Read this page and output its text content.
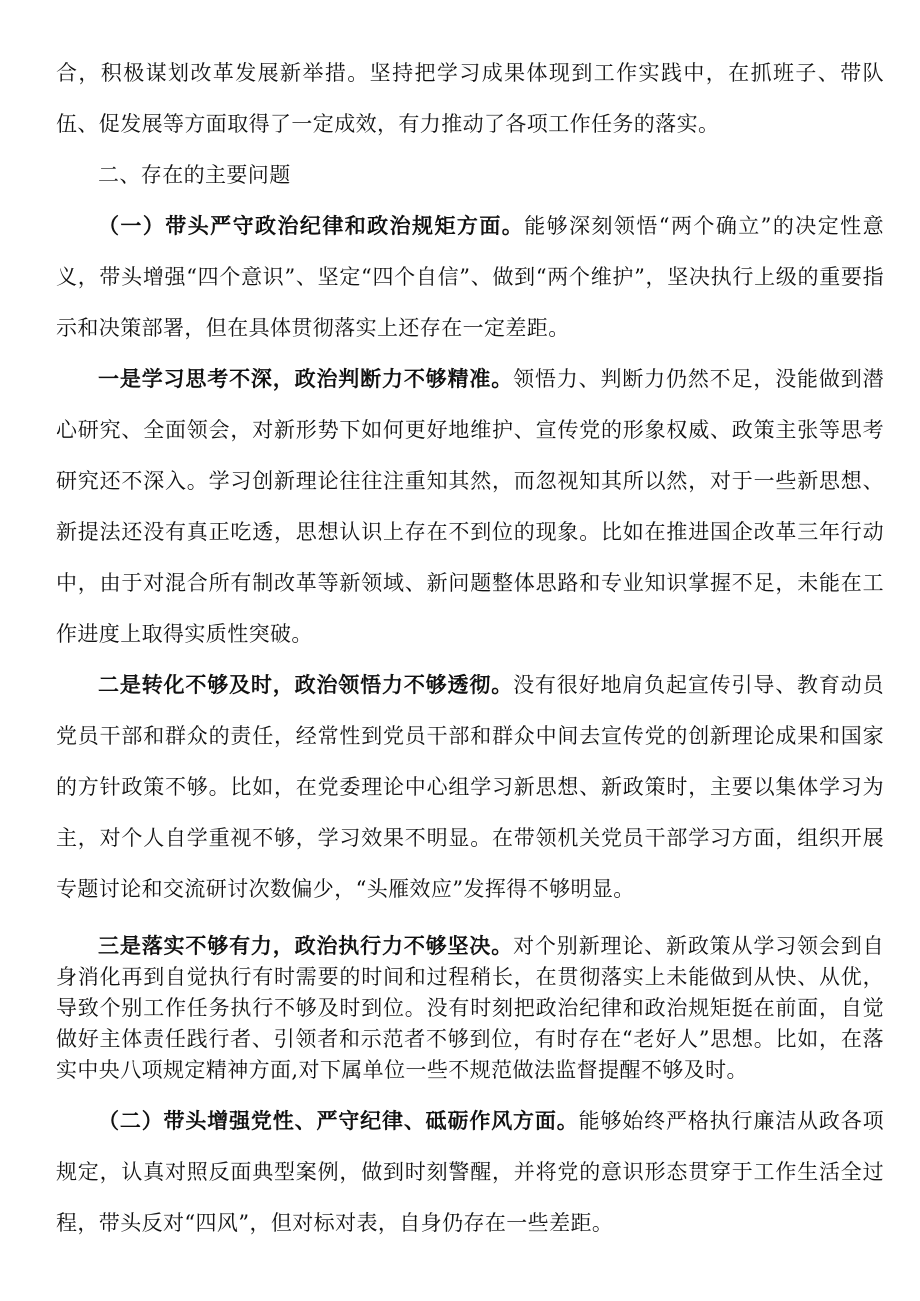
合，积极谋划改革发展新举措。坚持把学习成果体现到工作实践中，在抓班子、带队伍、促发展等方面取得了一定成效，有力推动了各项工作任务的落实。

二、存在的主要问题

（一）带头严守政治纪律和政治规矩方面。能够深刻领悟“两个确立”的决定性意义，带头增强“四个意识”、坚定“四个自信”、做到“两个维护”，坚决执行上级的重要指示和决策部署，但在具体贯彻落实上还存在一定差距。

一是学习思考不深，政治判断力不够精准。领悟力、判断力仍然不足，没能做到潜心研究、全面领会，对新形势下如何更好地维护、宣传党的形象权威、政策主张等思考研究还不深入。学习创新理论往往注重知其然，而忽视知其所以然，对于一些新思想、新提法还没有真正吃透，思想认识上存在不到位的现象。比如在推进国企改革三年行动中，由于对混合所有制改革等新领域、新问题整体思路和专业知识掌握不足，未能在工作进度上取得实质性突破。

二是转化不够及时，政治领悟力不够透彻。没有很好地肩负起宣传引导、教育动员党员干部和群众的责任，经常性到党员干部和群众中间去宣传党的创新理论成果和国家的方针政策不够。比如，在党委理论中心组学习新思想、新政策时，主要以集体学习为主，对个人自学重视不够，学习效果不明显。在带领机关党员干部学习方面，组织开展专题讨论和交流研讨次数偏少，“头雁效应”发挥得不够明显。

三是落实不够有力，政治执行力不够坚决。对个别新理论、新政策从学习领会到自身消化再到自觉执行有时需要的时间和过程稍长，在贯彻落实上未能做到从快、从优，导致个别工作任务执行不够及时到位。没有时刻把政治纪律和政治规矩挺在前面，自觉做好主体责任践行者、引领者和示范者不够到位，有时存在“老好人”思想。比如，在落实中央八项规定精神方面,对下属单位一些不规范做法监督提醒不够及时。

（二）带头增强党性、严守纪律、砥砺作风方面。能够始终严格执行廉洁从政各项规定，认真对照反面典型案例，做到时刻警醒，并将党的意识形态贯穿于工作生活全过程，带头反对“四风”，但对标对表，自身仍存在一些差距。
